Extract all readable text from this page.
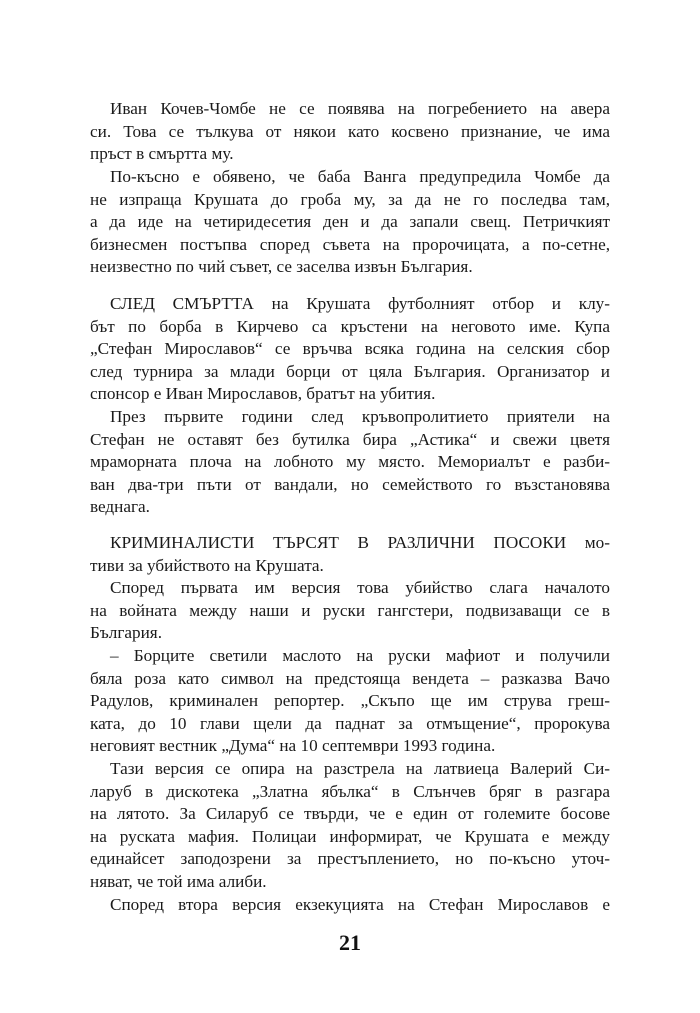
Иван Кочев-Чомбе не се появява на погребението на авера
си. Това се тълкува от някои като косвено признание, че има
пръст в смъртта му.
По-късно е обявено, че баба Ванга предупредила Чомбе да
не изпраща Крушата до гроба му, за да не го последва там,
а да иде на четиридесетия ден и да запали свещ. Петричкият
бизнесмен постъпва според съвета на пророчицата, а по-сетне,
неизвестно по чий съвет, се заселва извън България.
СЛЕД СМЪРТТА на Крушата футболният отбор и клу-
бът по борба в Кирчево са кръстени на неговото име. Купа
„Стефан Мирославов“ се връчва всяка година на селския сбор
след турнира за млади борци от цяла България. Организатор и
спонсор е Иван Мирославов, братът на убития.
През първите години след кръвопролитието приятели на
Стефан не оставят без бутилка бира „Астика“ и свежи цветя
мраморната плоча на лобното му място. Мемориалът е разби-
ван два-три пъти от вандали, но семейството го възстановява
веднага.
КРИМИНАЛИСТИ ТЪРСЯТ В РАЗЛИЧНИ ПОСОКИ мо-
тиви за убийството на Крушата.
Според първата им версия това убийство слага началото
на войната между наши и руски гангстери, подвизаващи се в
България.
– Борците светили маслото на руски мафиот и получили
бяла роза като символ на предстояща вендета – разказва Вачо
Радулов, криминален репортер. „Скъпо ще им струва греш-
ката, до 10 глави щели да паднат за отмъщение“, пророкува
неговият вестник „Дума“ на 10 септември 1993 година.
Тази версия се опира на разстрела на латвиеца Валерий Си-
ларуб в дискотека „Златна ябълка“ в Слънчев бряг в разгара
на лятото. За Силаруб се твърди, че е един от големите босове
на руската мафия. Полицаи информират, че Крушата е между
единайсет заподозрени за престъплението, но по-късно уточ-
няват, че той има алиби.
Според втора версия екзекуцията на Стефан Мирославов е
21
